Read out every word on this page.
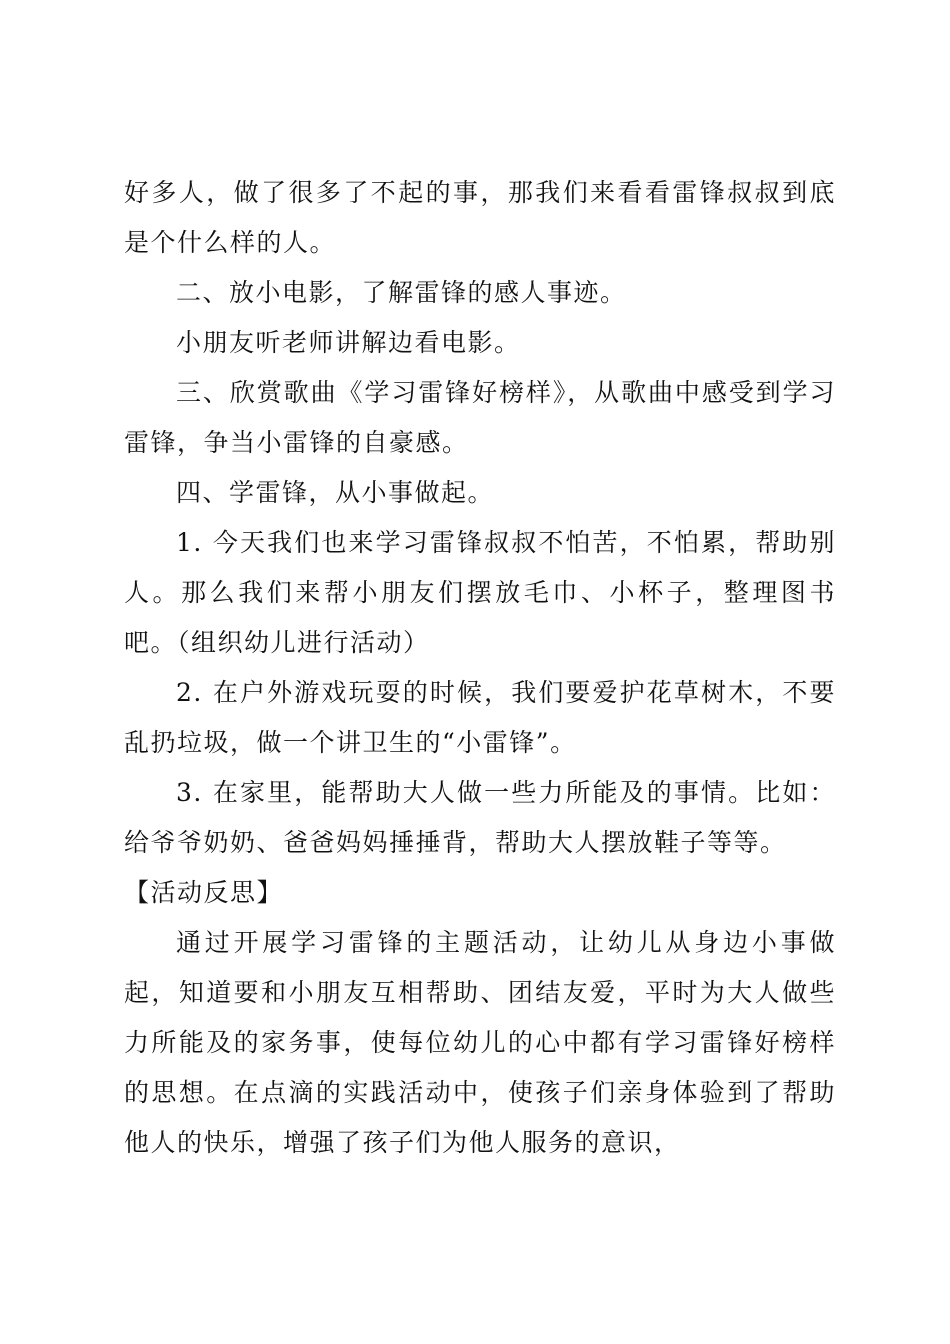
好多人，做了很多了不起的事，那我们来看看雷锋叔叔到底是个什么样的人。

二、放小电影，了解雷锋的感人事迹。

小朋友听老师讲解边看电影。

三、欣赏歌曲《学习雷锋好榜样》，从歌曲中感受到学习雷锋，争当小雷锋的自豪感。

四、学雷锋，从小事做起。

1. 今天我们也来学习雷锋叔叔不怕苦，不怕累，帮助别人。那么我们来帮小朋友们摆放毛巾、小杯子，整理图书吧。（组织幼儿进行活动）

2. 在户外游戏玩耍的时候，我们要爱护花草树木，不要乱扔垃圾，做一个讲卫生的“小雷锋”。

3. 在家里，能帮助大人做一些力所能及的事情。比如：给爷爷奶奶、爸爸妈妈捶捶背，帮助大人摆放鞋子等等。

【活动反思】

通过开展学习雷锋的主题活动，让幼儿从身边小事做起，知道要和小朋友互相帮助、团结友爱，平时为大人做些力所能及的家务事，使每位幼儿的心中都有学习雷锋好榜样的思想。在点滴的实践活动中，使孩子们亲身体验到了帮助他人的快乐，增强了孩子们为他人服务的意识，
